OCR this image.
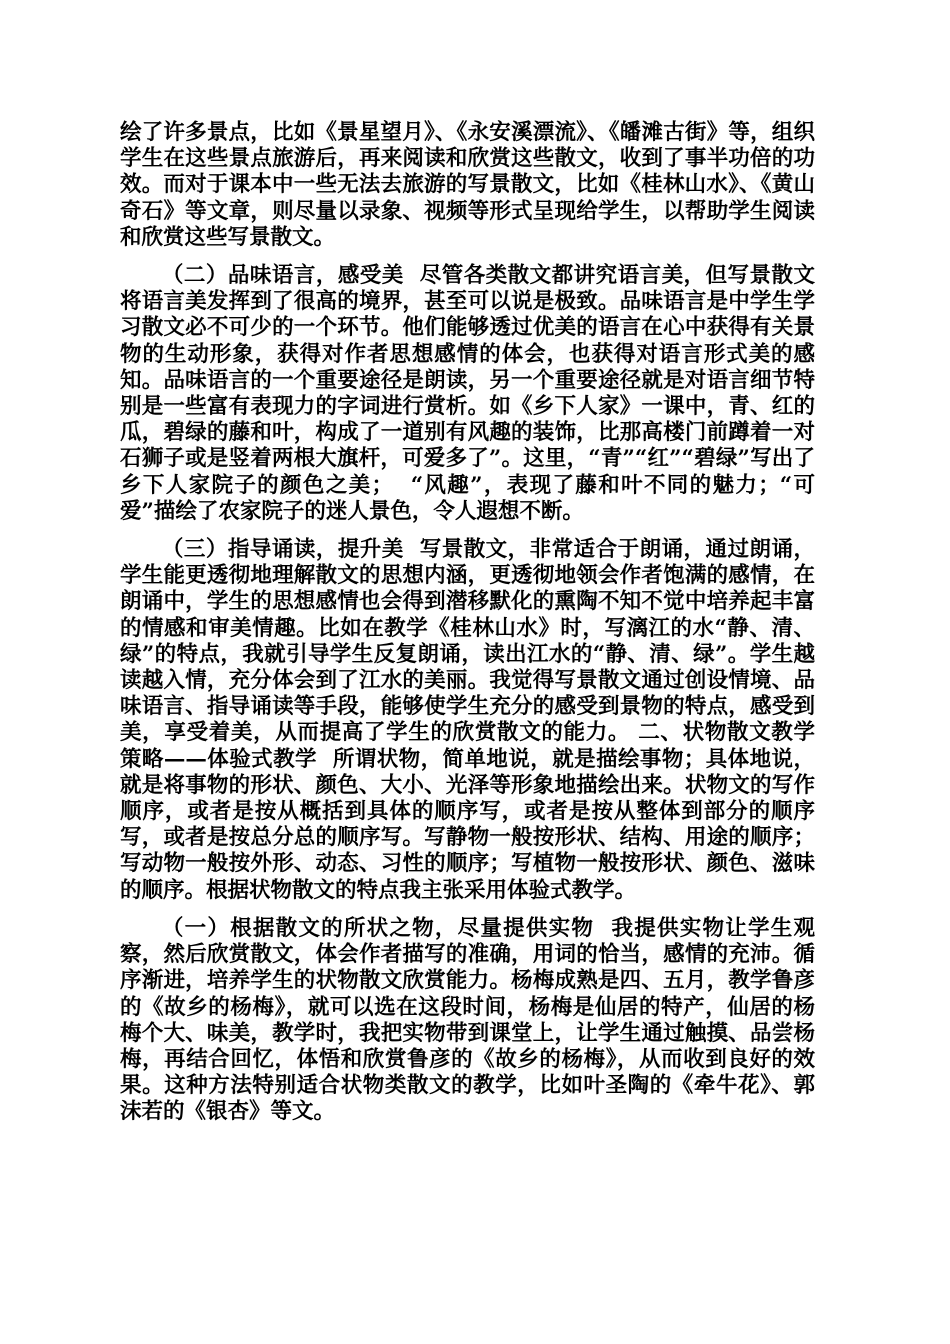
绘了许多景点，比如《景星望月》、《永安溪漂流》、《皤滩古街》等，组织学生在这些景点旅游后，再来阅读和欣赏这些散文，收到了事半功倍的功效。而对于课本中一些无法去旅游的写景散文，比如《桂林山水》、《黄山奇石》等文章，则尽量以录象、视频等形式呈现给学生，以帮助学生阅读和欣赏这些写景散文。

（二）品味语言，感受美  尽管各类散文都讲究语言美，但写景散文将语言美发挥到了很高的境界，甚至可以说是极致。品味语言是中学生学习散文必不可少的一个环节。他们能够透过优美的语言在心中获得有关景物的生动形象，获得对作者思想感情的体会，也获得对语言形式美的感知。品味语言的一个重要途径是朗读，另一个重要途径就是对语言细节特别是一些富有表现力的字词进行赏析。如《乡下人家》一课中，青、红的瓜，碧绿的藤和叶，构成了一道别有风趣的装饰，比那高楼门前蹲着一对石狮子或是竖着两根大旗杆，可爱多了”。这里，“青”“红”“碧绿”写出了乡下人家院子的颜色之美；  “风趣”，表现了藤和叶不同的魅力；“可爱”描绘了农家院子的迷人景色，令人遐想不断。

（三）指导诵读，提升美  写景散文，非常适合于朗诵，通过朗诵，学生能更透彻地理解散文的思想内涵，更透彻地领会作者饱满的感情，在朗诵中，学生的思想感情也会得到潜移默化的熏陶不知不觉中培养起丰富的情感和审美情趣。比如在教学《桂林山水》时，写漓江的水“静、清、绿”的特点，我就引导学生反复朗诵，读出江水的“静、清、绿”。学生越读越入情，充分体会到了江水的美丽。我觉得写景散文通过创设情境、品味语言、指导诵读等手段，能够使学生充分的感受到景物的特点，感受到美，享受着美，从而提高了学生的欣赏散文的能力。 二、状物散文教学策略——体验式教学  所谓状物，简单地说，就是描绘事物；具体地说，就是将事物的形状、颜色、大小、光泽等形象地描绘出来。状物文的写作顺序，或者是按从概括到具体的顺序写，或者是按从整体到部分的顺序写，或者是按总分总的顺序写。写静物一般按形状、结构、用途的顺序；写动物一般按外形、动态、习性的顺序；写植物一般按形状、颜色、滋味的顺序。根据状物散文的特点我主张采用体验式教学。

（一）根据散文的所状之物，尽量提供实物  我提供实物让学生观察，然后欣赏散文，体会作者描写的准确，用词的恰当，感情的充沛。循序渐进，培养学生的状物散文欣赏能力。杨梅成熟是四、五月，教学鲁彦的《故乡的杨梅》，就可以选在这段时间，杨梅是仙居的特产，仙居的杨梅个大、味美，教学时，我把实物带到课堂上，让学生通过触摸、品尝杨梅，再结合回忆，体悟和欣赏鲁彦的《故乡的杨梅》，从而收到良好的效果。这种方法特别适合状物类散文的教学，比如叶圣陶的《牵牛花》、郭沫若的《银杏》等文。
